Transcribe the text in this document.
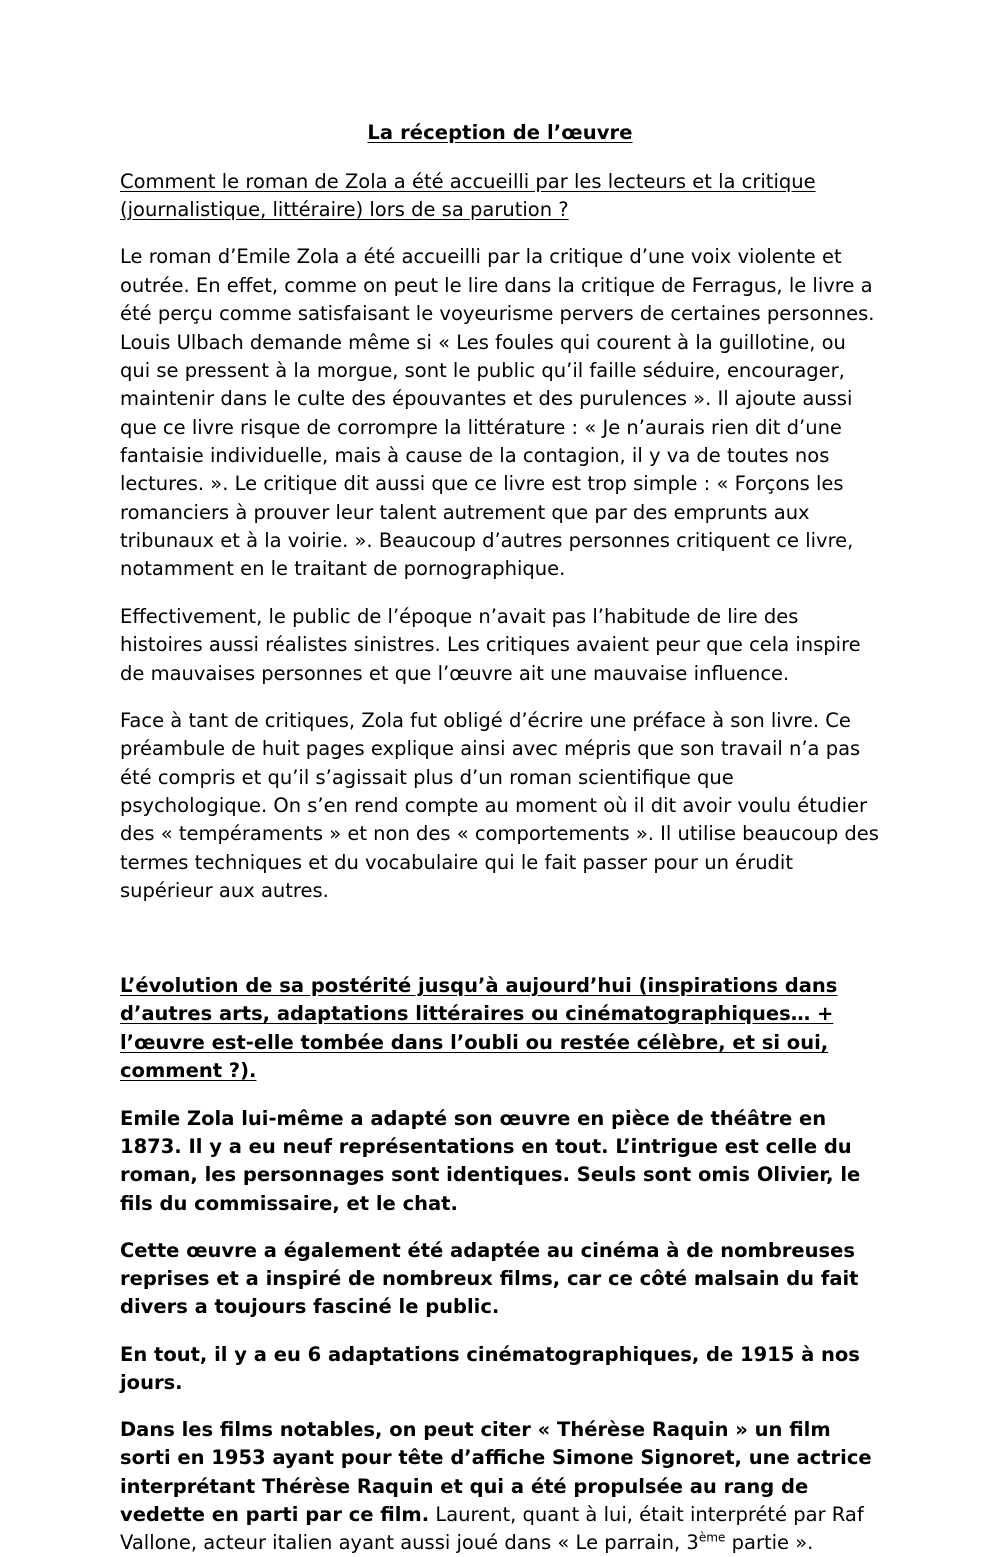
La réception de l’œuvre

Comment le roman de Zola a été accueilli par les lecteurs et la critique (journalistique, littéraire) lors de sa parution ?

Le roman d’Emile Zola a été accueilli par la critique d’une voix violente et outrée. En effet, comme on peut le lire dans la critique de Ferragus, le livre a été perçu comme satisfaisant le voyeurisme pervers de certaines personnes. Louis Ulbach demande même si « Les foules qui courent à la guillotine, ou qui se pressent à la morgue, sont le public qu’il faille séduire, encourager, maintenir dans le culte des épouvantes et des purulences ». Il ajoute aussi que ce livre risque de corrompre la littérature : « Je n’aurais rien dit d’une fantaisie individuelle, mais à cause de la contagion, il y va de toutes nos lectures. ». Le critique dit aussi que ce livre est trop simple : « Forçons les romanciers à prouver leur talent autrement que par des emprunts aux tribunaux et à la voirie. ». Beaucoup d’autres personnes critiquent ce livre, notamment en le traitant de pornographique.

Effectivement, le public de l’époque n’avait pas l’habitude de lire des histoires aussi réalistes sinistres. Les critiques avaient peur que cela inspire de mauvaises personnes et que l’œuvre ait une mauvaise influence.

Face à tant de critiques, Zola fut obligé d’écrire une préface à son livre. Ce préambule de huit pages explique ainsi avec mépris que son travail n’a pas été compris et qu’il s’agissait plus d’un roman scientifique que psychologique. On s’en rend compte au moment où il dit avoir voulu étudier des « tempéraments » et non des « comportements ». Il utilise beaucoup des termes techniques et du vocabulaire qui le fait passer pour un érudit supérieur aux autres.

L’évolution de sa postérité jusqu’à aujourd’hui (inspirations dans d’autres arts, adaptations littéraires ou cinématographiques… + l’œuvre est-elle tombée dans l’oubli ou restée célèbre, et si oui, comment ?).

Emile Zola lui-même a adapté son œuvre en pièce de théâtre en 1873. Il y a eu neuf représentations en tout. L’intrigue est celle du roman, les personnages sont identiques. Seuls sont omis Olivier, le fils du commissaire, et le chat.

Cette œuvre a également été adaptée au cinéma à de nombreuses reprises et a inspiré de nombreux films, car ce côté malsain du fait divers a toujours fasciné le public.

En tout, il y a eu 6 adaptations cinématographiques, de 1915 à nos jours.

Dans les films notables, on peut citer « Thérèse Raquin » un film sorti en 1953 ayant pour tête d’affiche Simone Signoret, une actrice interprétant Thérèse Raquin et qui a été propulsée au rang de vedette en parti par ce film. Laurent, quant à lui, était interprété par Raf Vallone, acteur italien ayant aussi joué dans « Le parrain, 3ème partie ».
